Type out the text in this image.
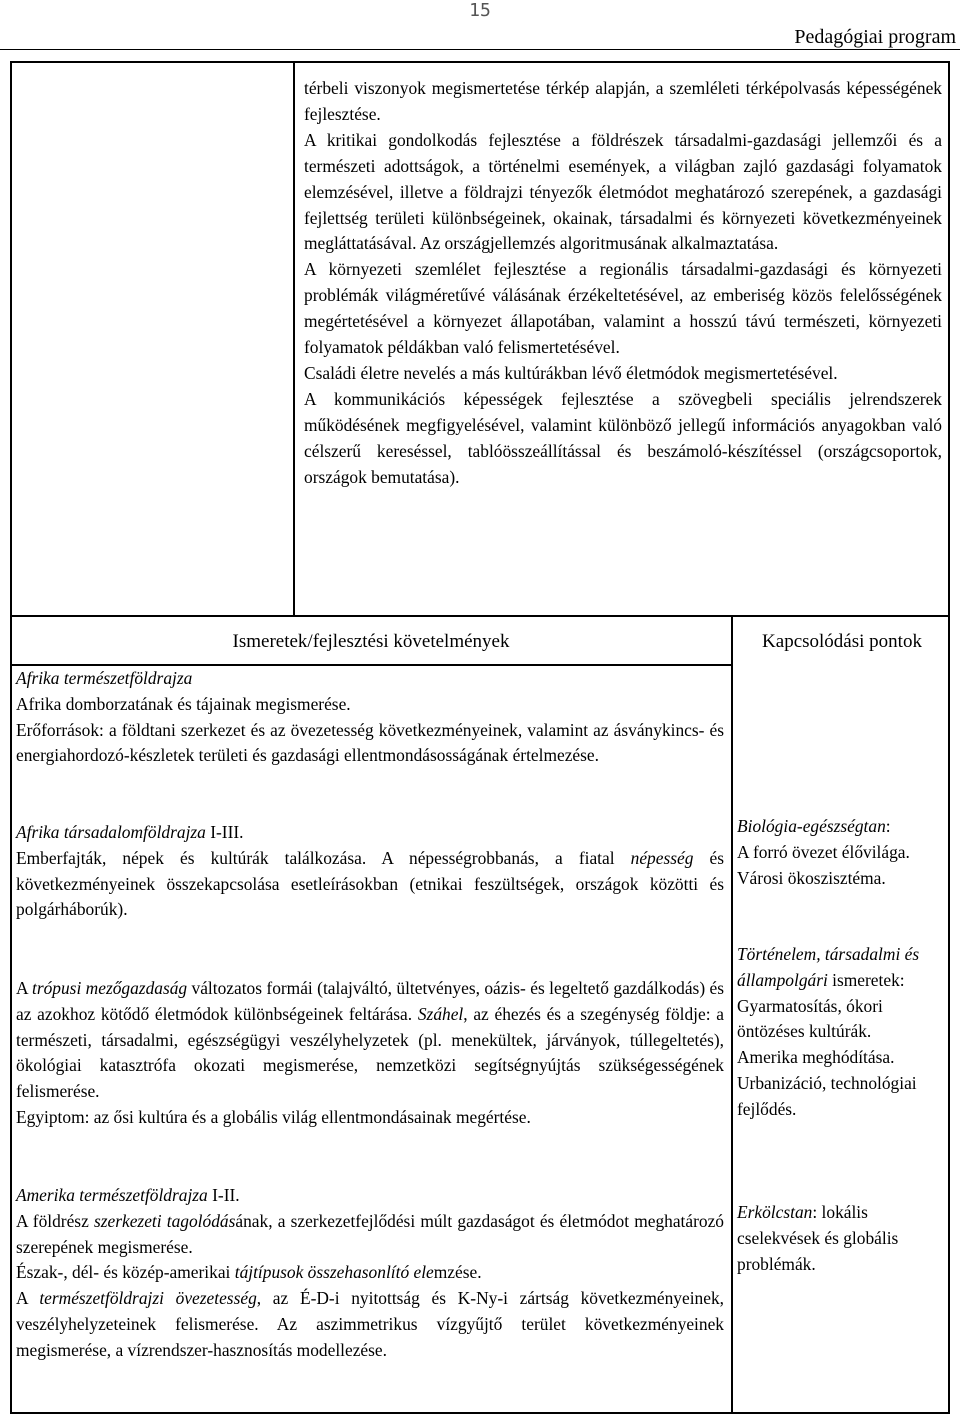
15
Pedagógiai program

térbeli viszonyok megismertetése térkép alapján, a szemléleti térképolvasás képességének fejlesztése.

A kritikai gondolkodás fejlesztése a földrészek társadalmi-gazdasági jellemzői és a természeti adottságok, a történelmi események, a világban zajló gazdasági folyamatok elemzésével, illetve a földrajzi tényezők életmódot meghatározó szerepének, a gazdasági fejlettség területi különbségeinek, okainak, társadalmi és környezeti következményeinek megláttatásával. Az országjellemzés algoritmusának alkalmaztatása.

A környezeti szemlélet fejlesztése a regionális társadalmi-gazdasági és környezeti problémák világméretűvé válásának érzékeltetésével, az emberiség közös felelősségének megértetésével a környezet állapotában, valamint a hosszú távú természeti, környezeti folyamatok példákban való felismertetésével.

Családi életre nevelés a más kultúrákban lévő életmódok megismertetésével.

A kommunikációs képességek fejlesztése a szövegbeli speciális jelrendszerek működésének megfigyelésével, valamint különböző jellegű információs anyagokban való célszerű kereséssel, tablóösszeállítással és beszámoló-készítéssel (országcsoportok, országok bemutatása).

Ismeretek/fejlesztési követelmények	Kapcsolódási pontok

Afrika természetföldrajza

Afrika domborzatának és tájainak megismerése.

Erőforrások: a földtani szerkezet és az övezetesség következményeinek, valamint az ásványkincs- és energiahordozó-készletek területi és gazdasági ellentmondásosságának értelmezése.

Afrika társadalomföldrajza I-III.

Emberfajták, népek és kultúrák találkozása. A népességrobbanás, a fiatal népesség és következményeinek összekapcsolása esetleírásokban (etnikai feszültségek, országok közötti és polgárháborúk).

A trópusi mezőgazdaság változatos formái (talajváltó, ültetvényes, oázis- és legeltető gazdálkodás) és az azokhoz kötődő életmódok különbségeinek feltárása. Száhel, az éhezés és a szegénység földje: a természeti, társadalmi, egészségügyi veszélyhelyzetek (pl. menekültek, járványok, túllegeltetés), ökológiai katasztrófa okozati megismerése, nemzetközi segítségnyújtás szükségességének felismerése.

Egyiptom: az ősi kultúra és a globális világ ellentmondásainak megértése.

Amerika természetföldrajza I-II.

A földrész szerkezeti tagolódásának, a szerkezetfejlődési múlt gazdaságot és életmódot meghatározó szerepének megismerése.

Észak-, dél- és közép-amerikai tájtípusok összehasonlító elemzése.

A természetföldrajzi övezetesség, az É-D-i nyitottság és K-Ny-i zártság következményeinek, veszélyhelyzeteinek felismerése. Az aszimmetrikus vízgyűjtő terület következményeinek megismerése, a vízrendszer-hasznosítás modellezése.

Biológia-egészségtan:

A forró övezet élővilága. Városi ökoszisztéma.

Történelem, társadalmi és állampolgári ismeretek:

Gyarmatosítás, ókori öntözéses kultúrák.

Amerika meghódítása.

Urbanizáció, technológiai fejlődés.

Erkölcstan: lokális cselekvések és globális problémák.
